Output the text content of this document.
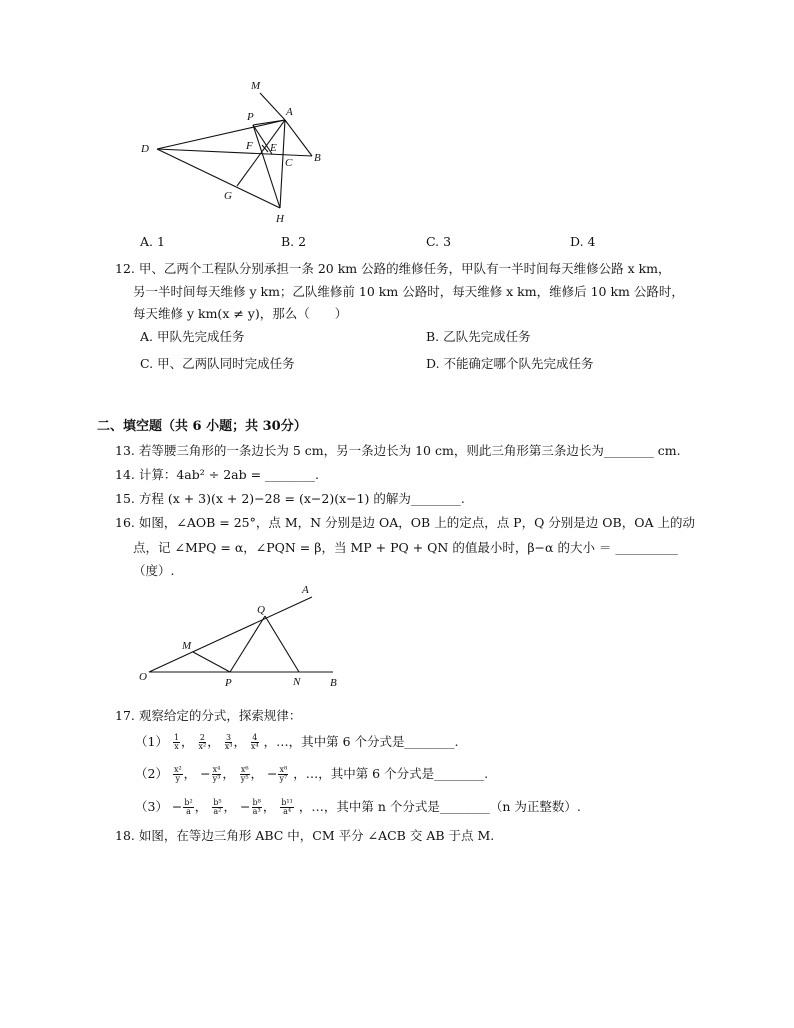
M
A
P
F E
C B
D
G
H
A. 1	B. 2	C. 3	D. 4
12. 甲、乙两个工程队分别承担一条 20 km 公路的维修任务，甲队有一半时间每天维修公路 x km，
另一半时间每天维修 y km；乙队维修前 10 km 公路时，每天维修 x km，维修后 10 km 公路时，
每天维修 y km(x ≠ y)，那么（　　）
A. 甲队先完成任务	B. 乙队先完成任务
C. 甲、乙两队同时完成任务	D. 不能确定哪个队先完成任务
二、填空题（共 6 小题；共 30分）
13. 若等腰三角形的一条边长为 5 cm，另一条边长为 10 cm，则此三角形第三条边长为________ cm.
14. 计算：4ab² ÷ 2ab = ________.
15. 方程 (x + 3)(x + 2)−28 = (x−2)(x−1) 的解为________.
16. 如图，∠AOB = 25°，点 M，N 分别是边 OA，OB 上的定点，点 P，Q 分别是边 OB，OA 上的动
点，记 ∠MPQ = α，∠PQN = β，当 MP + PQ + QN 的值最小时，β−α 的大小 ＝ __________
（度）.
A
Q
M
O	P	N	B
17. 观察给定的分式，探索规律：
$(1) \frac{1}{x}$ ， $\frac{2}{\text{x²}}$ ， $\frac{3}{\text{x³}}$ ， $\frac{4}{\text{x⁴}}$ ，…，其中第 6 个分式是________.
$(2) \frac{\text{x²}}{y}$ ， − $\frac{\text{x⁴}}{\text{y³}}$ ， $\frac{\text{x⁶}}{\text{y⁵}}$ ， − $\frac{\text{x⁸}}{\text{y⁷}}$ ，…，其中第 6 个分式是________.
$(3) - \frac{\text{b²}}{a}$ ， $\frac{\text{b⁵}}{\text{a²}}$ ， − $\frac{\text{b⁸}}{\text{a³}}$ ， $\frac{\text{b¹¹}}{\text{a⁴}}$ ，…，其中第 n 个分式是________（n 为正整数）.
18. 如图，在等边三角形 ABC 中，CM 平分 ∠ACB 交 AB 于点 M.
